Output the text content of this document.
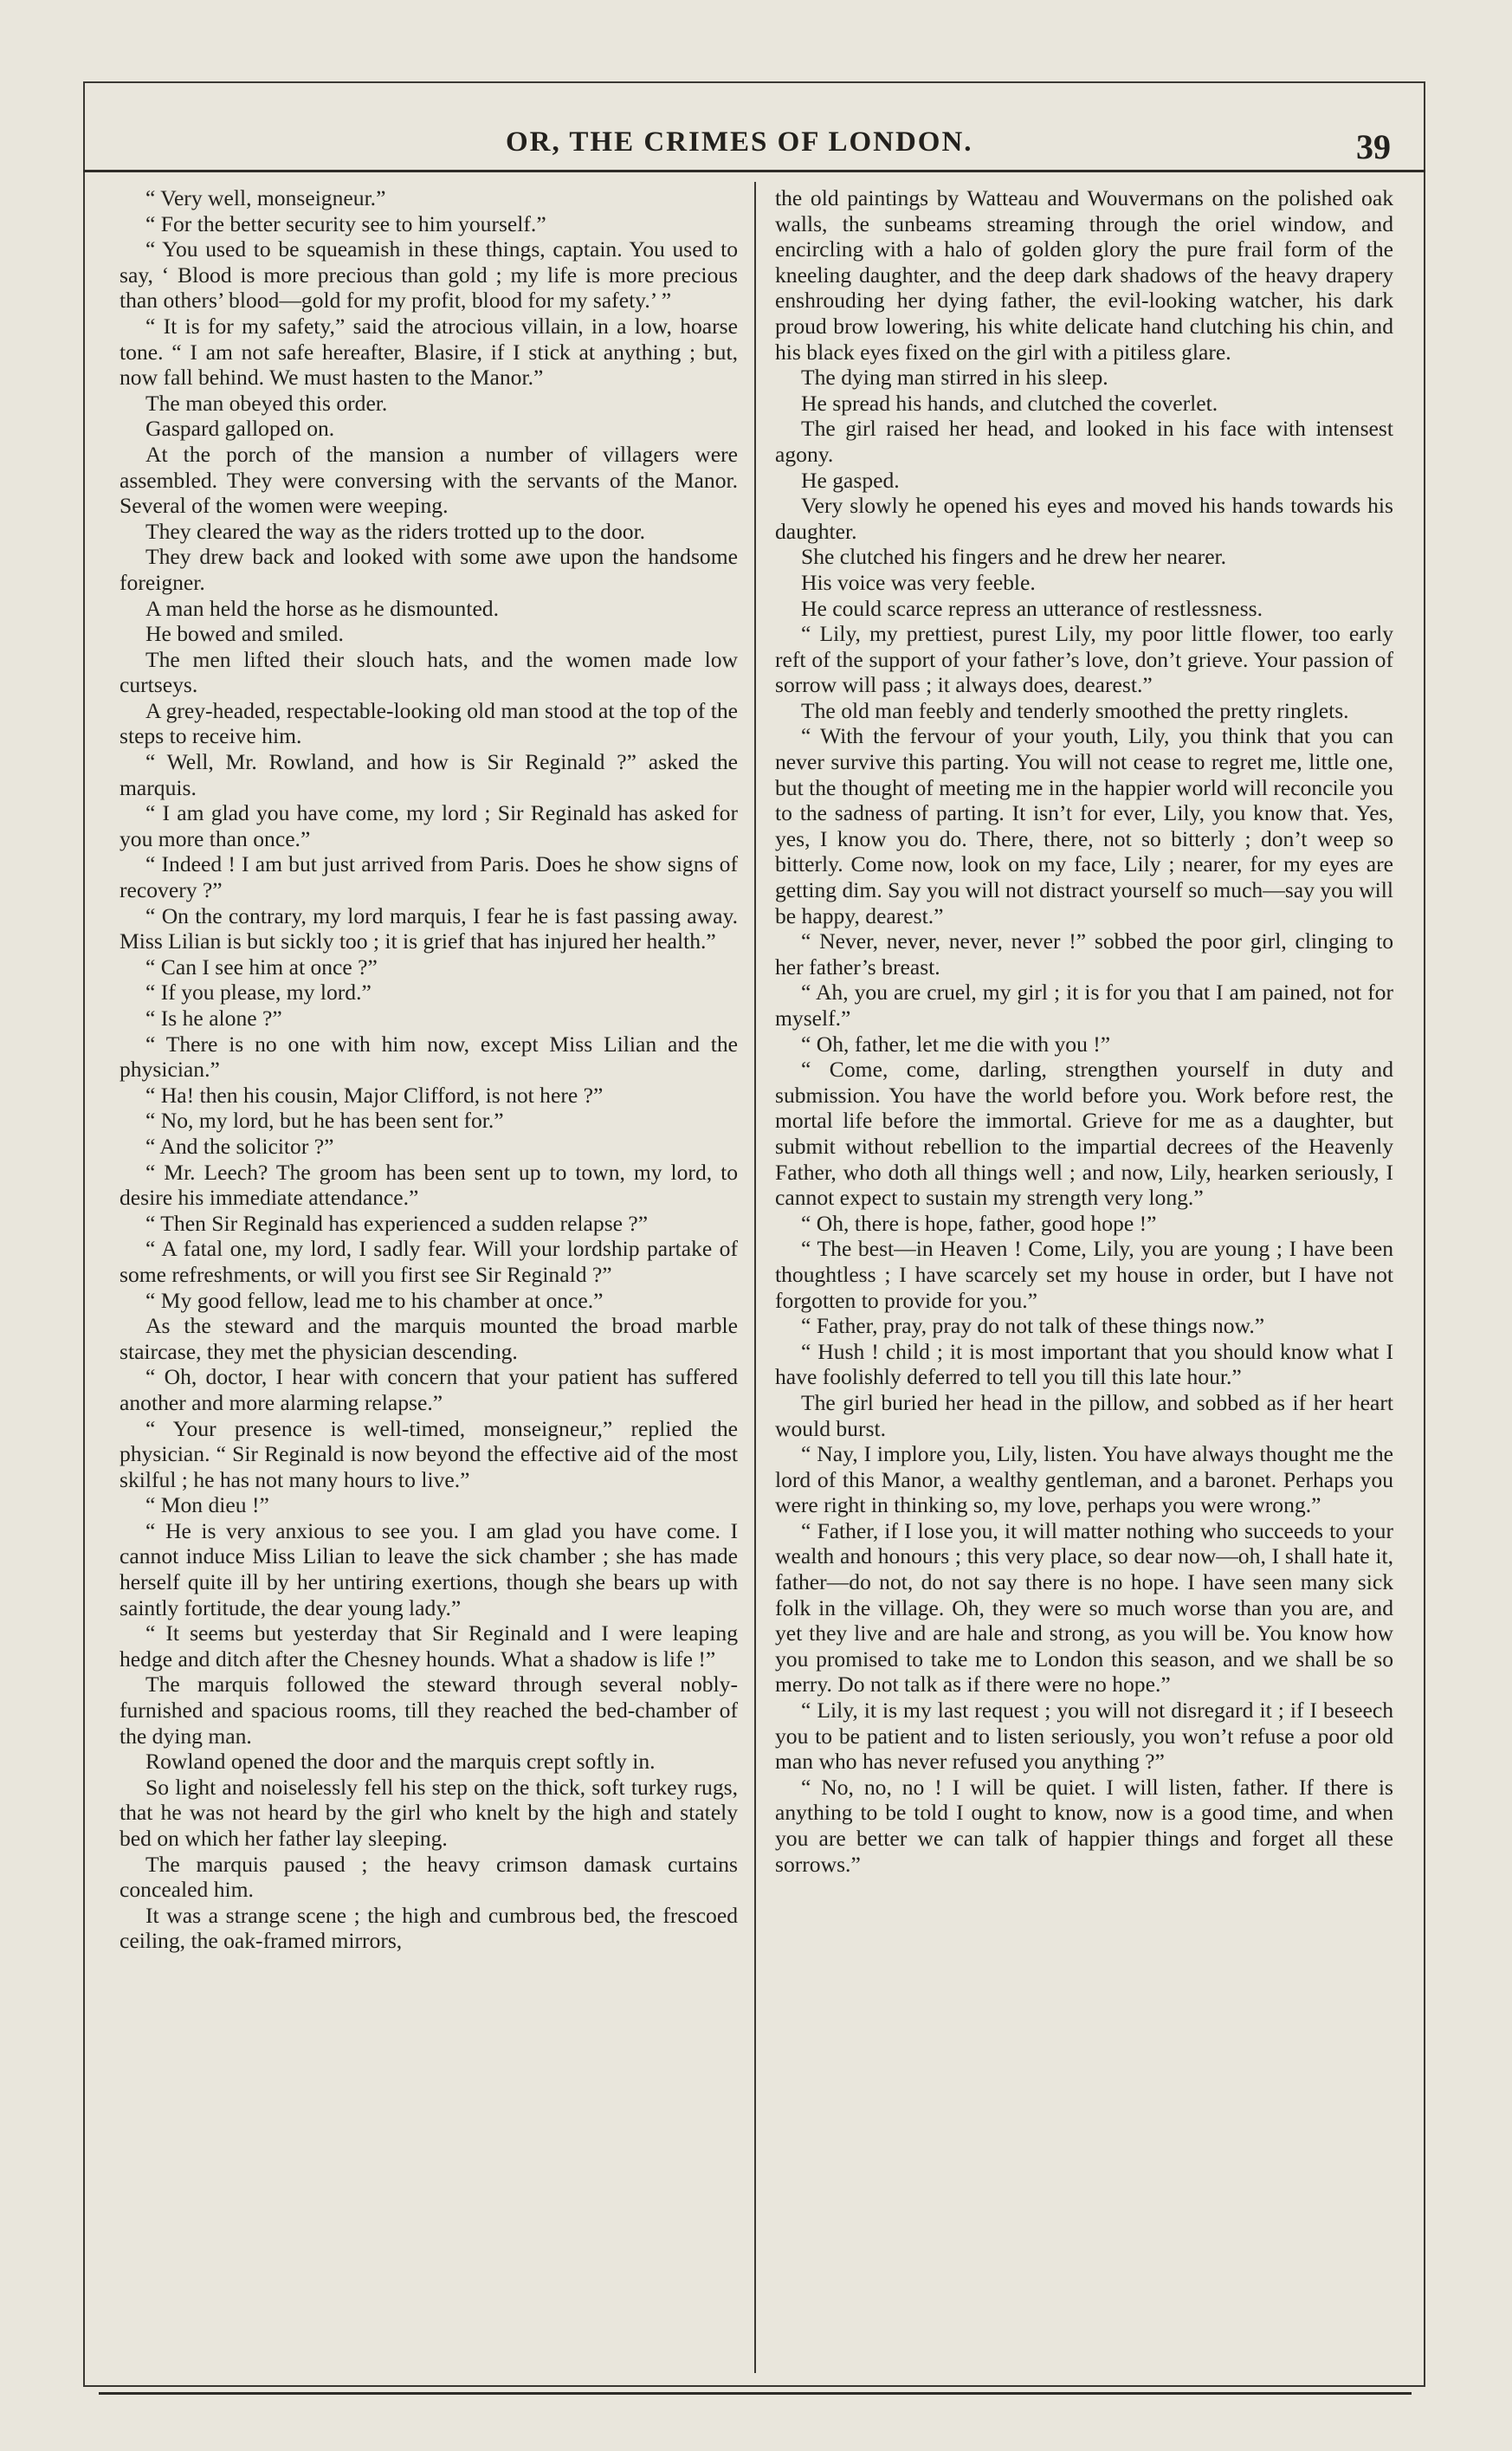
OR, THE CRIMES OF LONDON.	39

“ Very well, monseigneur.”

“ For the better security see to him yourself.”

“ You used to be squeamish in these things, captain. You used to say, ‘ Blood is more precious than gold ; my life is more precious than others’ blood—gold for my profit, blood for my safety.’ ”

“ It is for my safety,” said the atrocious villain, in a low, hoarse tone. “ I am not safe hereafter, Blasire, if I stick at anything ; but, now fall behind. We must hasten to the Manor.”

The man obeyed this order.

Gaspard galloped on.

At the porch of the mansion a number of villagers were assembled. They were conversing with the servants of the Manor. Several of the women were weeping.

They cleared the way as the riders trotted up to the door.

They drew back and looked with some awe upon the handsome foreigner.

A man held the horse as he dismounted.

He bowed and smiled.

The men lifted their slouch hats, and the women made low curtseys.

A grey-headed, respectable-looking old man stood at the top of the steps to receive him.

“ Well, Mr. Rowland, and how is Sir Reginald ?” asked the marquis.

“ I am glad you have come, my lord ; Sir Reginald has asked for you more than once.”

“ Indeed ! I am but just arrived from Paris. Does he show signs of recovery ?”

“ On the contrary, my lord marquis, I fear he is fast passing away. Miss Lilian is but sickly too ; it is grief that has injured her health.”

“ Can I see him at once ?”

“ If you please, my lord.”

“ Is he alone ?”

“ There is no one with him now, except Miss Lilian and the physician.”

“ Ha! then his cousin, Major Clifford, is not here ?”

“ No, my lord, but he has been sent for.”

“ And the solicitor ?”

“ Mr. Leech? The groom has been sent up to town, my lord, to desire his immediate attendance.”

“ Then Sir Reginald has experienced a sudden relapse ?”

“ A fatal one, my lord, I sadly fear. Will your lordship partake of some refreshments, or will you first see Sir Reginald ?”

“ My good fellow, lead me to his chamber at once.”

As the steward and the marquis mounted the broad marble staircase, they met the physician descending.

“ Oh, doctor, I hear with concern that your patient has suffered another and more alarming relapse.”

“ Your presence is well-timed, monseigneur,” replied the physician. “ Sir Reginald is now beyond the effective aid of the most skilful ; he has not many hours to live.”

“ Mon dieu !”

“ He is very anxious to see you. I am glad you have come. I cannot induce Miss Lilian to leave the sick chamber ; she has made herself quite ill by her untiring exertions, though she bears up with saintly fortitude, the dear young lady.”

“ It seems but yesterday that Sir Reginald and I were leaping hedge and ditch after the Chesney hounds. What a shadow is life !”

The marquis followed the steward through several nobly-furnished and spacious rooms, till they reached the bed-chamber of the dying man.

Rowland opened the door and the marquis crept softly in.

So light and noiselessly fell his step on the thick, soft turkey rugs, that he was not heard by the girl who knelt by the high and stately bed on which her father lay sleeping.

The marquis paused ; the heavy crimson damask curtains concealed him.

It was a strange scene ; the high and cumbrous bed, the frescoed ceiling, the oak-framed mirrors,

the old paintings by Watteau and Wouvermans on the polished oak walls, the sunbeams streaming through the oriel window, and encircling with a halo of golden glory the pure frail form of the kneeling daughter, and the deep dark shadows of the heavy drapery enshrouding her dying father, the evil-looking watcher, his dark proud brow lowering, his white delicate hand clutching his chin, and his black eyes fixed on the girl with a pitiless glare.

The dying man stirred in his sleep.

He spread his hands, and clutched the coverlet.

The girl raised her head, and looked in his face with intensest agony.

He gasped.

Very slowly he opened his eyes and moved his hands towards his daughter.

She clutched his fingers and he drew her nearer.

His voice was very feeble.

He could scarce repress an utterance of restlessness.

“ Lily, my prettiest, purest Lily, my poor little flower, too early reft of the support of your father’s love, don’t grieve. Your passion of sorrow will pass ; it always does, dearest.”

The old man feebly and tenderly smoothed the pretty ringlets.

“ With the fervour of your youth, Lily, you think that you can never survive this parting. You will not cease to regret me, little one, but the thought of meeting me in the happier world will reconcile you to the sadness of parting. It isn’t for ever, Lily, you know that. Yes, yes, I know you do. There, there, not so bitterly ; don’t weep so bitterly. Come now, look on my face, Lily ; nearer, for my eyes are getting dim. Say you will not distract yourself so much—say you will be happy, dearest.”

“ Never, never, never, never !” sobbed the poor girl, clinging to her father’s breast.

“ Ah, you are cruel, my girl ; it is for you that I am pained, not for myself.”

“ Oh, father, let me die with you !”

“ Come, come, darling, strengthen yourself in duty and submission. You have the world before you. Work before rest, the mortal life before the immortal. Grieve for me as a daughter, but submit without rebellion to the impartial decrees of the Heavenly Father, who doth all things well ; and now, Lily, hearken seriously, I cannot expect to sustain my strength very long.”

“ Oh, there is hope, father, good hope !”

“ The best—in Heaven ! Come, Lily, you are young ; I have been thoughtless ; I have scarcely set my house in order, but I have not forgotten to provide for you.”

“ Father, pray, pray do not talk of these things now.”

“ Hush ! child ; it is most important that you should know what I have foolishly deferred to tell you till this late hour.”

The girl buried her head in the pillow, and sobbed as if her heart would burst.

“ Nay, I implore you, Lily, listen. You have always thought me the lord of this Manor, a wealthy gentleman, and a baronet. Perhaps you were right in thinking so, my love, perhaps you were wrong.”

“ Father, if I lose you, it will matter nothing who succeeds to your wealth and honours ; this very place, so dear now—oh, I shall hate it, father—do not, do not say there is no hope. I have seen many sick folk in the village. Oh, they were so much worse than you are, and yet they live and are hale and strong, as you will be. You know how you promised to take me to London this season, and we shall be so merry. Do not talk as if there were no hope.”

“ Lily, it is my last request ; you will not disregard it ; if I beseech you to be patient and to listen seriously, you won’t refuse a poor old man who has never refused you anything ?”

“ No, no, no ! I will be quiet. I will listen, father. If there is anything to be told I ought to know, now is a good time, and when you are better we can talk of happier things and forget all these sorrows.”
